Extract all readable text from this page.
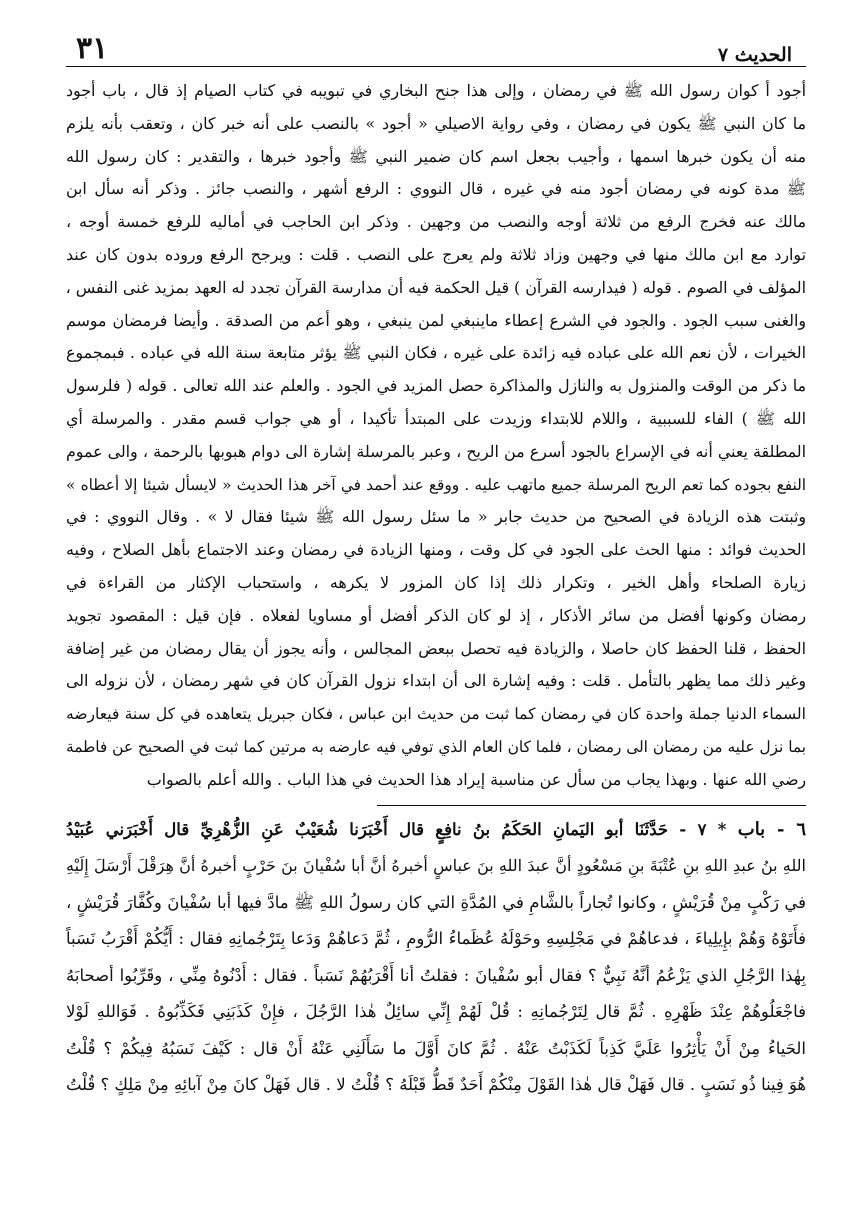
الحديث ٧
٣١
أجود أ كوان رسول الله ﷺ في رمضان ، وإلى هذا جنح البخاري في تبويبه في كتاب الصيام إذ قال ، باب أجود
ما كان النبي ﷺ يكون في رمضان ، وفي رواية الاصيلي « أجود » بالنصب على أنه خبر كان ، وتعقب بأنه يلزم
منه أن يكون خبرها اسمها ، وأجيب بجعل اسم كان ضمير النبي ﷺ وأجود خبرها ، والتقدير : كان رسول الله
ﷺ مدة كونه في رمضان أجود منه في غيره ، قال النووي : الرفع أشهر ، والنصب جائز . وذكر أنه سأل ابن
مالك عنه فخرج الرفع من ثلاثة أوجه والنصب من وجهين . وذكر ابن الحاجب في أماليه للرفع خمسة أوجه ،
توارد مع ابن مالك منها في وجهين وزاد ثلاثة ولم يعرج على النصب . قلت : ويرجح الرفع وروده بدون كان عند
المؤلف في الصوم . قوله ( فيدارسه القرآن ) قيل الحكمة فيه أن مدارسة القرآن تجدد له العهد بمزيد غنى النفس ،
والغنى سبب الجود . والجود في الشرع إعطاء ماينبغي لمن ينبغي ، وهو أعم من الصدقة . وأيضا فرمضان موسم
الخيرات ، لأن نعم الله على عباده فيه زائدة على غيره ، فكان النبي ﷺ يؤثر متابعة سنة الله في عباده . فبمجموع
ما ذكر من الوقت والمنزول به والنازل والمذاكرة حصل المزيد في الجود . والعلم عند الله تعالى . قوله ( فلرسول
الله ﷺ ) الفاء للسببية ، واللام للابتداء وزيدت على المبتدأ تأكيدا ، أو هي جواب قسم مقدر . والمرسلة أي
المطلقة يعني أنه في الإسراع بالجود أسرع من الريح ، وعبر بالمرسلة إشارة الى دوام هبوبها بالرحمة ، والى عموم
النفع بجوده كما تعم الريح المرسلة جميع ماتهب عليه . ووقع عند أحمد في آخر هذا الحديث « لايسأل شيئا إلا أعطاه »
وثبتت هذه الزيادة في الصحيح من حديث جابر « ما سئل رسول الله ﷺ شيئا فقال لا » . وقال النووي : في
الحديث فوائد : منها الحث على الجود في كل وقت ، ومنها الزيادة في رمضان وعند الاجتماع بأهل الصلاح ، وفيه
زيارة الصلحاء وأهل الخير ، وتكرار ذلك إذا كان المزور لا يكرهه ، واستحباب الإكثار من القراءة في
رمضان وكونها أفضل من سائر الأذكار ، إذ لو كان الذكر أفضل أو مساويا لفعلاه . فإن قيل : المقصود تجويد
الحفظ ، قلنا الحفظ كان حاصلا ، والزيادة فيه تحصل ببعض المجالس ، وأنه يجوز أن يقال رمضان من غير إضافة
وغير ذلك مما يظهر بالتأمل . قلت : وفيه إشارة الى أن ابتداء نزول القرآن كان في شهر رمضان ، لأن نزوله الى
السماء الدنيا جملة واحدة كان في رمضان كما ثبت من حديث ابن عباس ، فكان جبريل يتعاهده في كل سنة فيعارضه
بما نزل عليه من رمضان الى رمضان ، فلما كان العام الذي توفي فيه عارضه به مرتين كما ثبت في الصحيح عن فاطمة
رضي الله عنها . وبهذا يجاب من سأل عن مناسبة إيراد هذا الحديث في هذا الباب . والله أعلم بالصواب
٦ - باب * ٧ - حَدَّثَنَا أبو اليَمانِ الحَكَمُ بنُ نافِعٍ قال أَخْبَرَنا شُعَيْبٌ عَنِ الزُّهْرِيِّ قال أَخْبَرَني عُبَيْدُ
اللهِ بنُ عبدِ اللهِ بنِ عُتْبَةَ بنِ مَسْعُودٍ أنَّ عبدَ اللهِ بنَ عباسٍ أخبرهُ أنَّ أبا سُفْيانَ بنَ حَرْبٍ أخبرهُ أنَّ هِرَقْلَ أَرْسَلَ إِلَيْهِ
في رَكْبٍ مِنْ قُرَيْشٍ ، وكانوا تُجاراً بالشَّامِ في المُدَّةِ التي كان رسولُ اللهِ ﷺ مادَّ فيها أبا سُفْيانَ وكُفَّارَ قُرَيْشٍ ،
فأَتَوْهُ وَهُمْ بإِيلِياءَ ، فدعاهُمْ في مَجْلِسِهِ وحَوْلَهُ عُظَماءُ الرُّومِ ، ثُمَّ دَعاهُمْ وَدَعا بِتَرْجُمانِهِ فقال : أَيُّكُمْ أَقْرَبُ نَسَباً
بِهٰذا الرَّجُلِ الذي يَزْعُمُ أنَّهُ نَبِيٌّ ؟ فقال أبو سُفْيانَ : فقلتُ أنا أَقْرَبُهُمْ نَسَباً . فقال : أَدْنُوهُ مِنِّي ، وقَرِّبُوا أصحابَهُ
فاجْعَلُوهُمْ عِنْدَ ظَهْرِهِ . ثُمَّ قال لِتَرْجُمانِهِ : قُلْ لَهُمْ إِنِّي سائِلٌ هٰذا الرَّجُلَ ، فإِنْ كَذَبَنِي فَكَذِّبُوهُ . فَوَاللهِ لَوْلا
الحَياءُ مِنْ أَنْ يَأْثِرُوا عَلَيَّ كَذِباً لَكَذَبْتُ عَنْهُ . ثُمَّ كانَ أَوَّلَ ما سَأَلَنِي عَنْهُ أَنْ قال : كَيْفَ نَسَبُهُ فِيكُمْ ؟ قُلْتُ
هُوَ فِينا ذُو نَسَبٍ . قال فَهَلْ قال هٰذا القَوْلَ مِنْكُمْ أَحَدٌ قَطُّ قَبْلَهُ ؟ قُلْتُ لا . قال فَهَلْ كانَ مِنْ آبائِهِ مِنْ مَلِكٍ ؟ قُلْتُ
